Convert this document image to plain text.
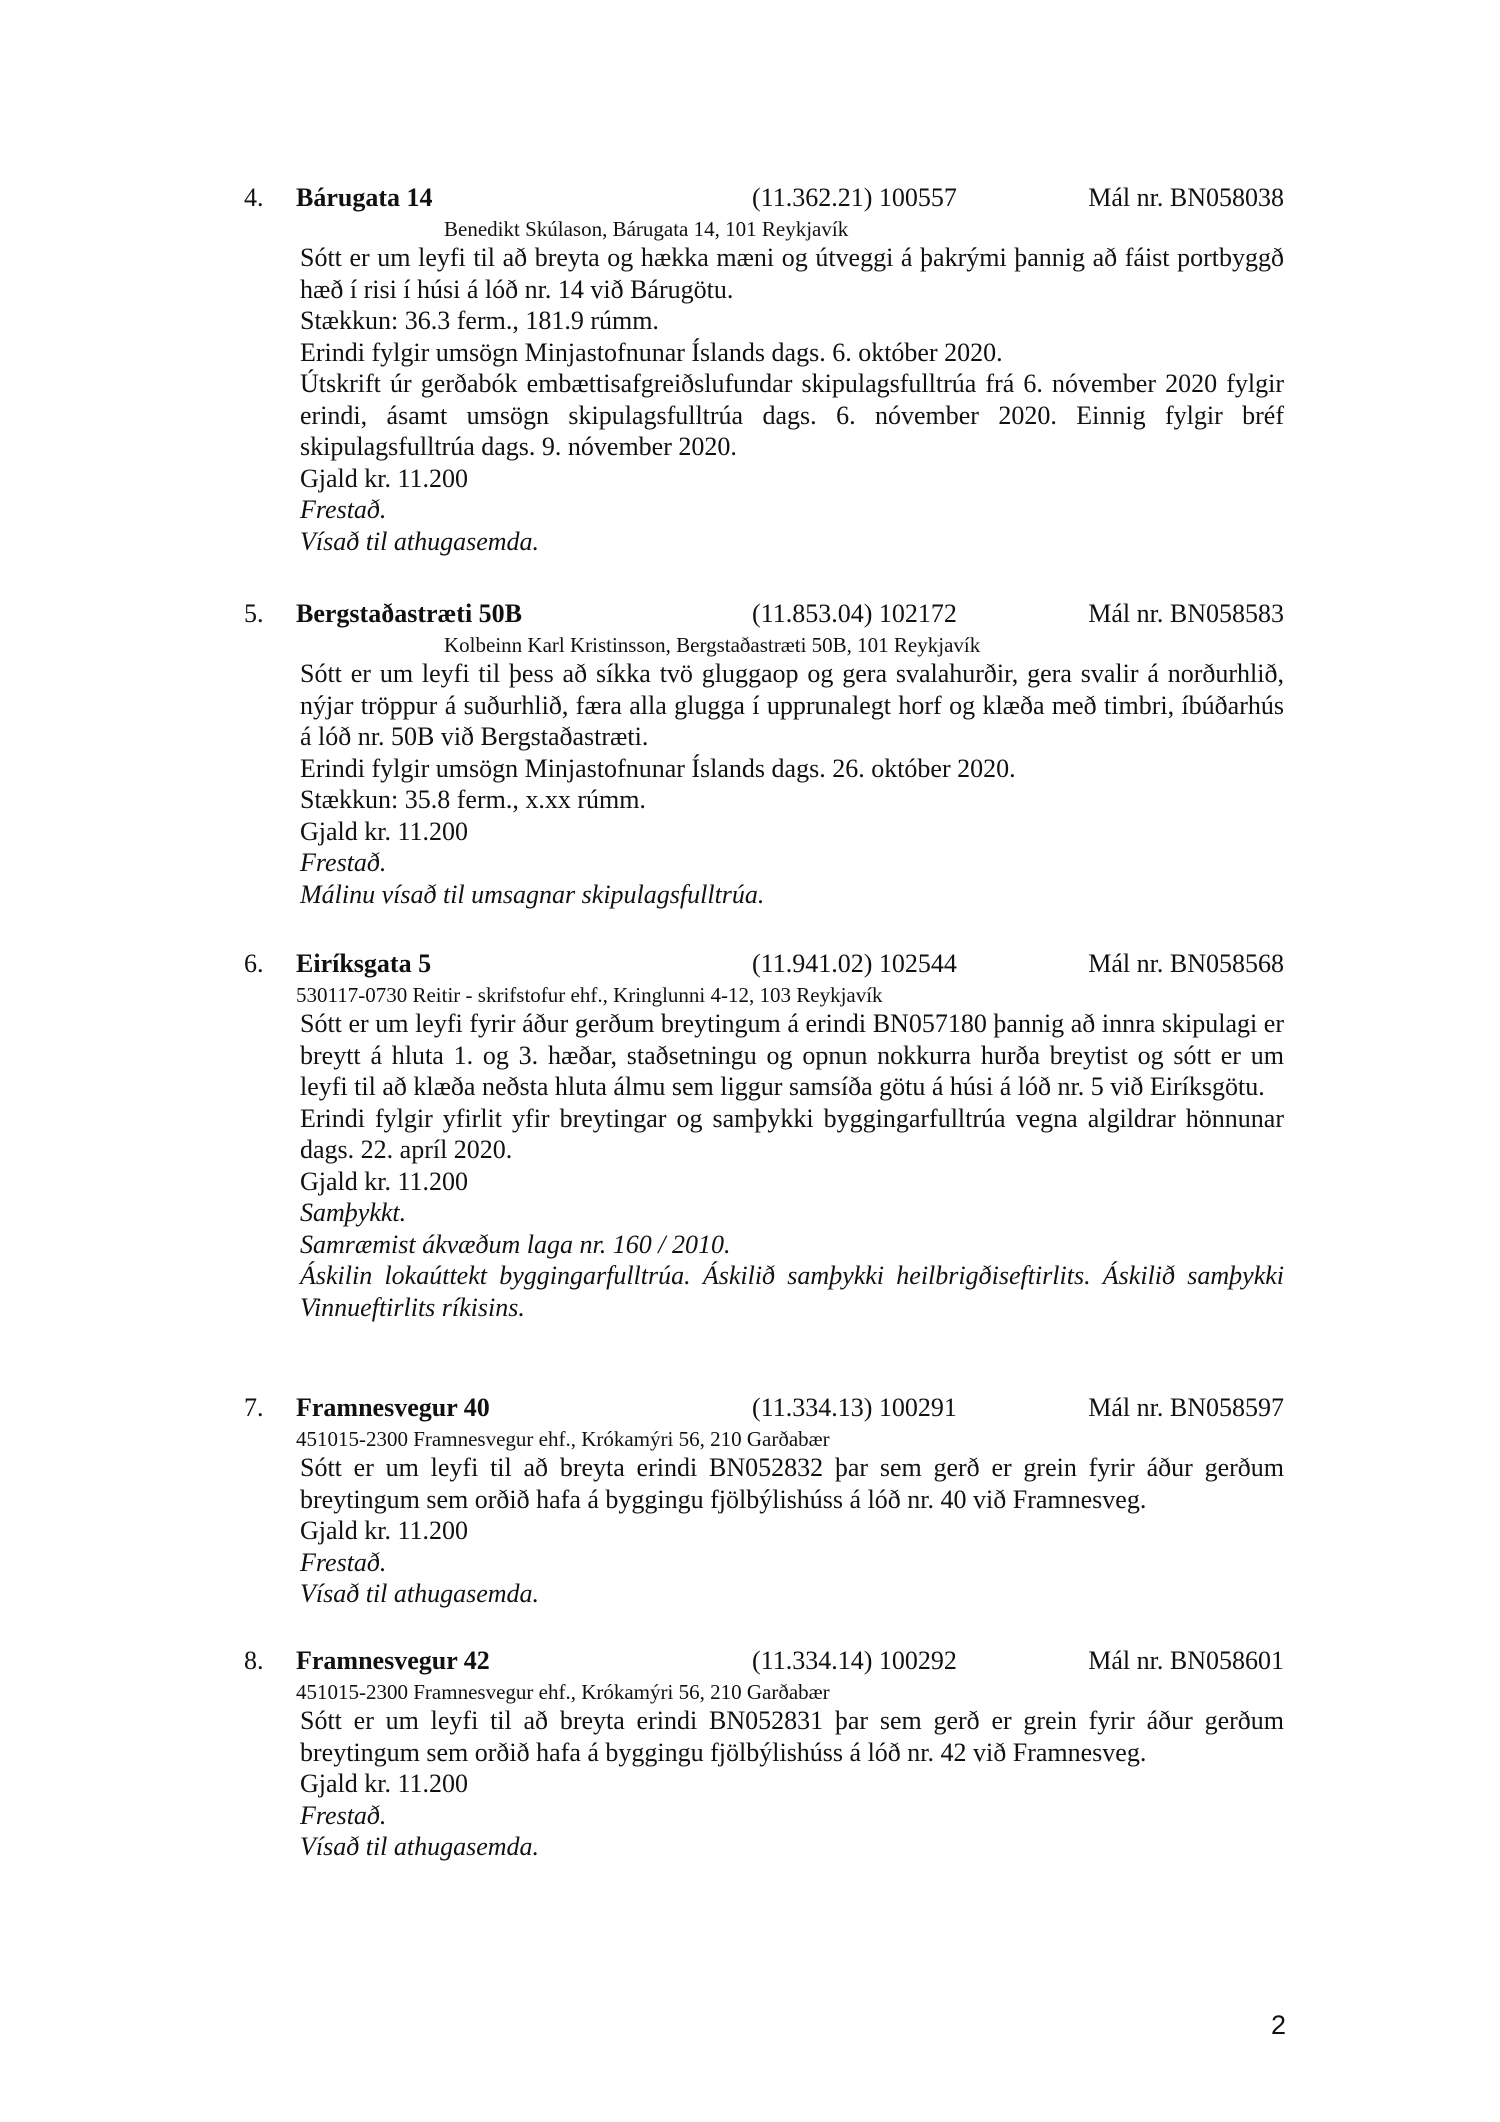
4. Bárugata 14	(11.362.21) 100557	Mál nr. BN058038
Benedikt Skúlason, Bárugata 14, 101 Reykjavík

Sótt er um leyfi til að breyta og hækka mæni og útveggi á þakrými þannig að fáist portbyggð hæð í risi í húsi á lóð nr. 14 við Bárugötu.

Stækkun: 36.3 ferm., 181.9 rúmm.

Erindi fylgir umsögn Minjastofnunar Íslands dags. 6. október 2020.

Útskrift úr gerðabók embættisafgreiðslufundar skipulagsfulltrúa frá 6. nóvember 2020 fylgir erindi, ásamt umsögn skipulagsfulltrúa dags. 6. nóvember 2020. Einnig fylgir bréf skipulagsfulltrúa dags. 9. nóvember 2020.

Gjald kr. 11.200

Frestað.

Vísað til athugasemda.

5. Bergstaðastræti 50B	(11.853.04) 102172	Mál nr. BN058583
Kolbeinn Karl Kristinsson, Bergstaðastræti 50B, 101 Reykjavík

Sótt er um leyfi til þess að síkka tvö gluggaop og gera svalahurðir, gera svalir á norðurhlið, nýjar tröppur á suðurhlið, færa alla glugga í upprunalegt horf og klæða með timbri, íbúðarhús á lóð nr. 50B við Bergstaðastræti.

Erindi fylgir umsögn Minjastofnunar Íslands dags. 26. október 2020.

Stækkun: 35.8 ferm., x.xx rúmm.

Gjald kr. 11.200

Frestað.

Málinu vísað til umsagnar skipulagsfulltrúa.

6. Eiríksgata 5	(11.941.02) 102544	Mál nr. BN058568
530117-0730 Reitir - skrifstofur ehf., Kringlunni 4-12, 103 Reykjavík

Sótt er um leyfi fyrir áður gerðum breytingum á erindi BN057180 þannig að innra skipulagi er breytt á hluta 1. og 3. hæðar, staðsetningu og opnun nokkurra hurða breytist og sótt er um leyfi til að klæða neðsta hluta álmu sem liggur samsíða götu á húsi á lóð nr. 5 við Eiríksgötu.

Erindi fylgir yfirlit yfir breytingar og samþykki byggingarfulltrúa vegna algildrar hönnunar dags. 22. apríl 2020.

Gjald kr. 11.200

Samþykkt.

Samræmist ákvæðum laga nr. 160 / 2010.

Áskilin lokaúttekt byggingarfulltrúa. Áskilið samþykki heilbrigðiseftirlits. Áskilið samþykki Vinnueftirlits ríkisins.

7. Framnesvegur 40	(11.334.13) 100291	Mál nr. BN058597
451015-2300 Framnesvegur ehf., Krókamýri 56, 210 Garðabær

Sótt er um leyfi til að breyta erindi BN052832 þar sem gerð er grein fyrir áður gerðum breytingum sem orðið hafa á byggingu fjölbýlishúss á lóð nr. 40 við Framnesveg.

Gjald kr. 11.200

Frestað.

Vísað til athugasemda.

8. Framnesvegur 42	(11.334.14) 100292	Mál nr. BN058601
451015-2300 Framnesvegur ehf., Krókamýri 56, 210 Garðabær

Sótt er um leyfi til að breyta erindi BN052831 þar sem gerð er grein fyrir áður gerðum breytingum sem orðið hafa á byggingu fjölbýlishúss á lóð nr. 42 við Framnesveg.

Gjald kr. 11.200

Frestað.

Vísað til athugasemda.

2
